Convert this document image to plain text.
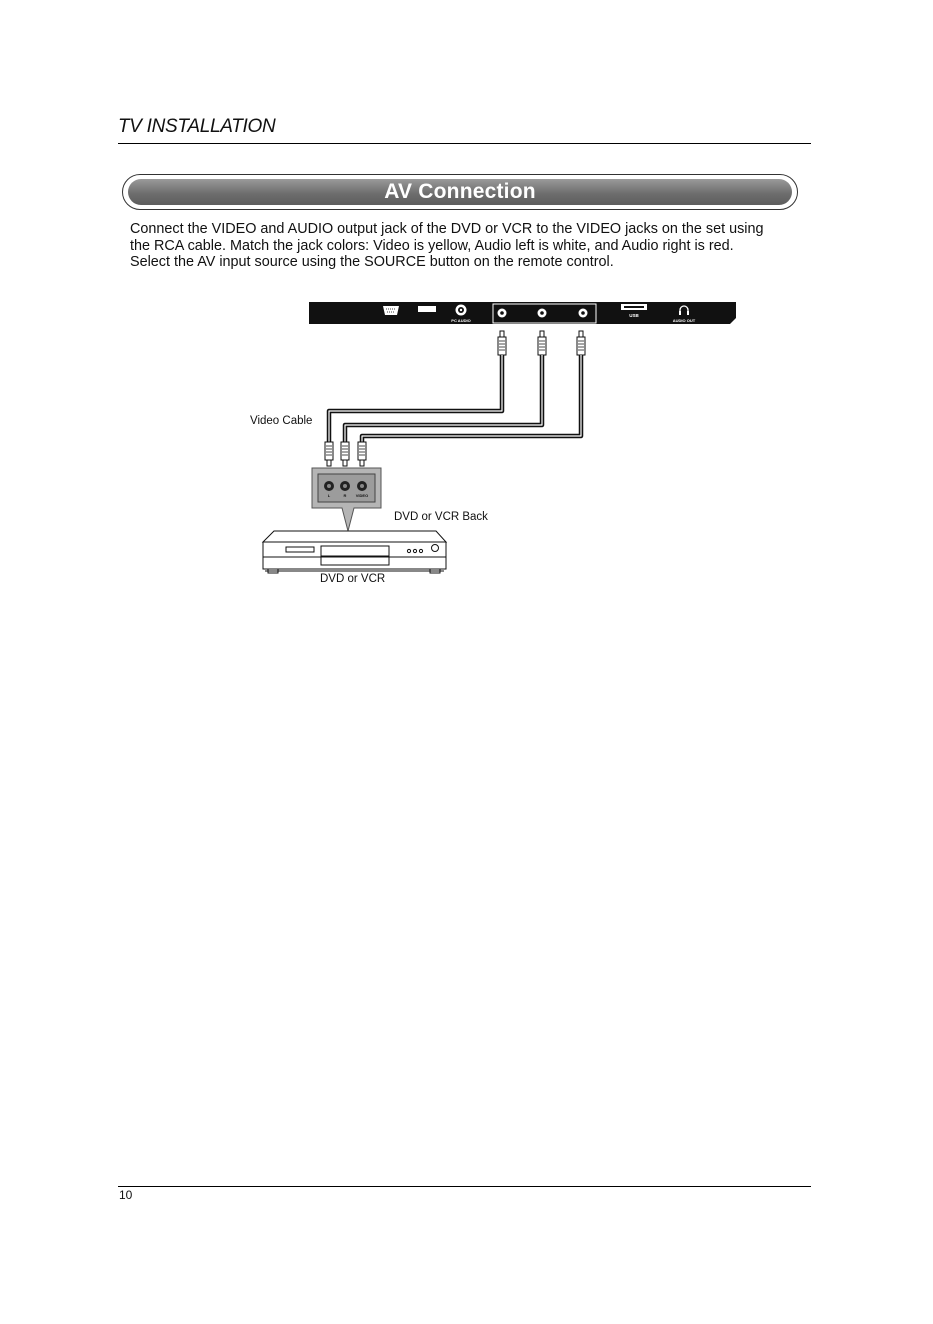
TV INSTALLATION
AV Connection
Connect the VIDEO and AUDIO output jack of the DVD or VCR to the VIDEO jacks on the set using
the RCA cable. Match the jack colors: Video is yellow, Audio left is white, and Audio right is red.
Select the AV input source using the SOURCE button on the remote control.
PC AUDIO
USB
AUDIO OUT
Video Cable
L	R VIDEO
DVD or VCR Back
DVD or VCR
10
